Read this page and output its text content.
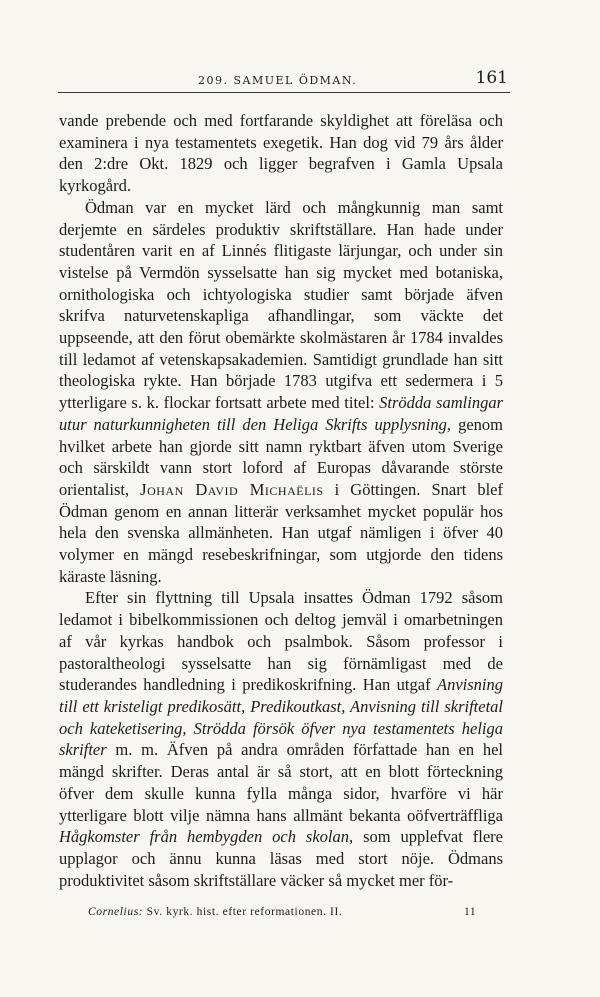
209. SAMUEL ÖDMAN.	161

vande prebende och med fortfarande skyldighet att föreläsa och examinera i nya testamentets exegetik. Han dog vid 79 års ålder den 2:dre Okt. 1829 och ligger begrafven i Gamla Upsala kyrkogård.

Ödman var en mycket lärd och mångkunnig man samt derjemte en särdeles produktiv skriftställare. Han hade under studentåren varit en af Linnés flitigaste lärjungar, och under sin vistelse på Vermdön sysselsatte han sig mycket med botaniska, ornithologiska och ichtyologiska studier samt började äfven skrifva naturvetenskapliga afhandlingar, som väckte det uppseende, att den förut obemärkte skolmästaren år 1784 invaldes till ledamot af vetenskapsakademien. Samtidigt grundlade han sitt theologiska rykte. Han började 1783 utgifva ett sedermera i 5 ytterligare s. k. flockar fortsatt arbete med titel: Strödda samlingar utur naturkunnigheten till den Heliga Skrifts upplysning, genom hvilket arbete han gjorde sitt namn ryktbart äfven utom Sverige och särskildt vann stort loford af Europas dåvarande störste orientalist, Johan David Michaëlis i Göttingen. Snart blef Ödman genom en annan litterär verksamhet mycket populär hos hela den svenska allmänheten. Han utgaf nämligen i öfver 40 volymer en mängd resebeskrifningar, som utgjorde den tidens käraste läsning.

Efter sin flyttning till Upsala insattes Ödman 1792 såsom ledamot i bibelkommissionen och deltog jemväl i omarbetningen af vår kyrkas handbok och psalmbok. Såsom professor i pastoraltheologi sysselsatte han sig förnämligast med de studerandes handledning i predikoskrifning. Han utgaf Anvisning till ett kristeligt predikosätt, Predikoutkast, Anvisning till skriftetal och kateketisering, Strödda försök öfver nya testamentets heliga skrifter m. m. Äfven på andra områden författade han en hel mängd skrifter. Deras antal är så stort, att en blott förteckning öfver dem skulle kunna fylla många sidor, hvarföre vi här ytterligare blott vilje nämna hans allmänt bekanta oöfverträffliga Hågkomster från hembygden och skolan, som upplefvat flere upplagor och ännu kunna läsas med stort nöje. Ödmans produktivitet såsom skriftställare väcker så mycket mer för-

Cornelius: Sv. kyrk. hist. efter reformationen. II.	11
